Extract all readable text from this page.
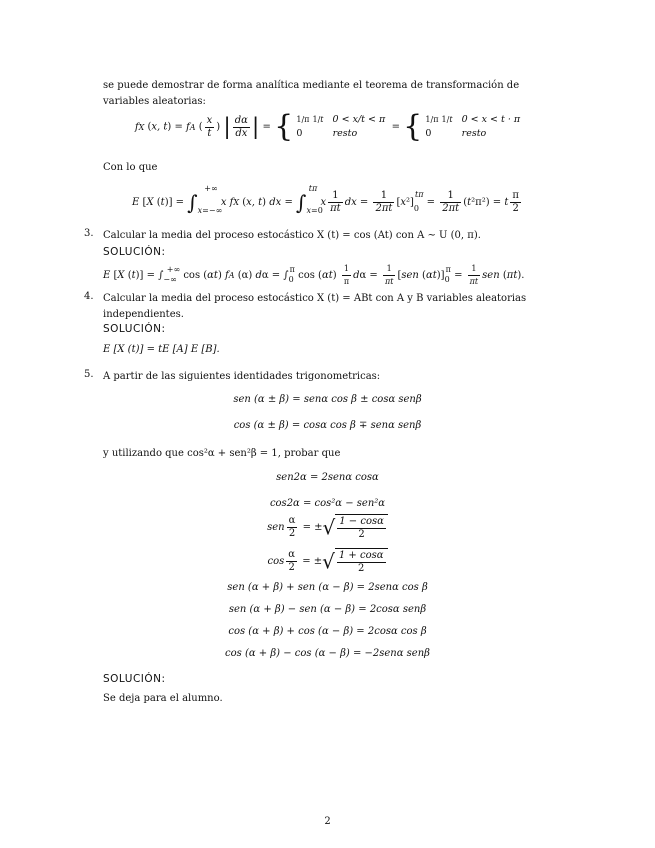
se puede demostrar de forma analítica mediante el teorema de transformación de variables aleatorias:
fX (x, t) = fA ( $\frac{x}{t}$ ) | $\frac{d\alpha}{dx}$ | = { 1/π 1/t 0 < x/t < π
0          resto  = { 1/π 1/t 0 < x < t · π
0          resto
Con lo que
E [X $(t)] = \int_{x=-\infty}^{+\infty}$ x fX (x, t) dx = $\int_{x=0}^{t\pi}$ x $\frac{1}{\pi t}$ dx = $\frac{1}{2\pi t} [x^2]_0^{t\pi} = \frac{1}{2\pi t} (t^2\pi^2) = t \frac{\pi}{2}$
3. Calcular la media del proceso estocástico X (t) = cos (At) con A ∼ U (0, π).
SOLUCIÓN:
E [X $(t)] = \int_{-\infty}^{+\infty}$ cos (αt) fA (α) $d\alpha = \int_0^\pi$ $\cos (\alpha t) \frac{1}{\pi}$ $d\alpha = \frac{1}{\pi t} [sen$ $(\alpha t)]_0^\pi = \frac{1}{\pi t}$ sen (πt).
4. Calcular la media del proceso estocástico X (t) = ABt con A y B variables aleatorias independientes.
SOLUCIÓN:
E [X (t)] = tE [A] E [B].
5. A partir de las siguientes identidades trigonometricas:
sen (α ± β) = senα cos β ± cosα senβ
cos (α ± β) = cosα cos β ∓ senα senβ
y utilizando que cos²α + sen²β = 1, probar que
sen2α = 2senα cosα
cos2α = cos²α − sen²α
sen $\frac{\alpha}{2}$ = ±√ $\frac{1 - \cos\alpha}{2}$
$\cos \frac{\alpha}{2}$ = ±√ $\frac{1 + \cos\alpha}{2}$
sen (α + β) + sen (α − β) = 2senα cos β
sen (α + β) − sen (α − β) = 2cosα senβ
cos (α + β) + cos (α − β) = 2cosα cos β
cos (α + β) − cos (α − β) = −2senα senβ
SOLUCIÓN:
Se deja para el alumno.
2
